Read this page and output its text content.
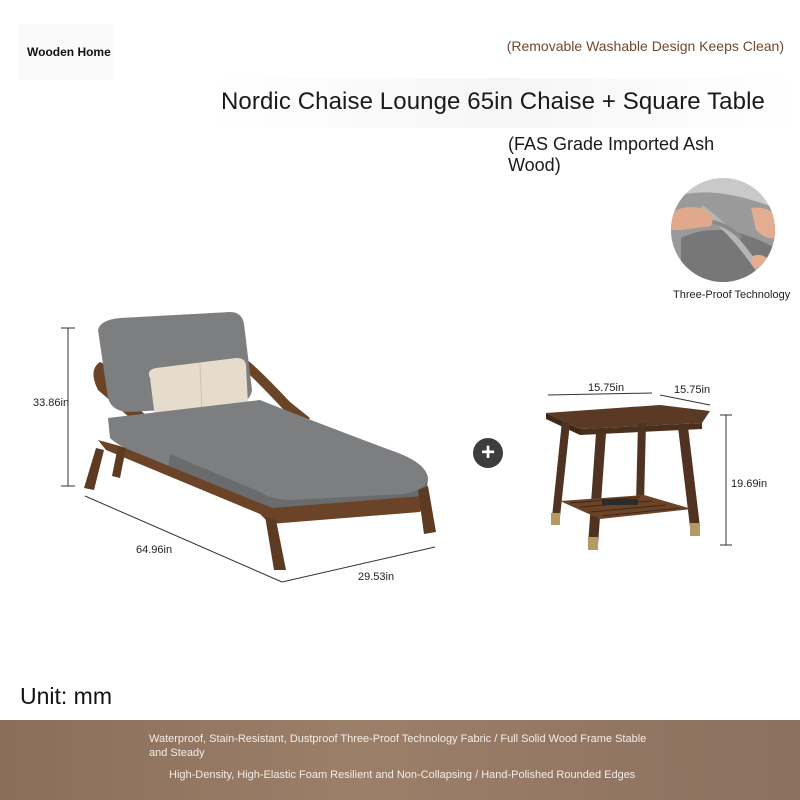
Wooden Home	(Removable Washable Design Keeps Clean)
Nordic Chaise Lounge 65in Chaise + Square Table
(FAS Grade Imported Ash Wood)
Three-Proof Technology
33.86in
64.96in
29.53in
+
15.75in	15.75in
19.69in
Unit: mm
Waterproof, Stain-Resistant, Dustproof Three-Proof Technology Fabric / Full Solid Wood Frame Stable and Steady
High-Density, High-Elastic Foam Resilient and Non-Collapsing / Hand-Polished Rounded Edges
